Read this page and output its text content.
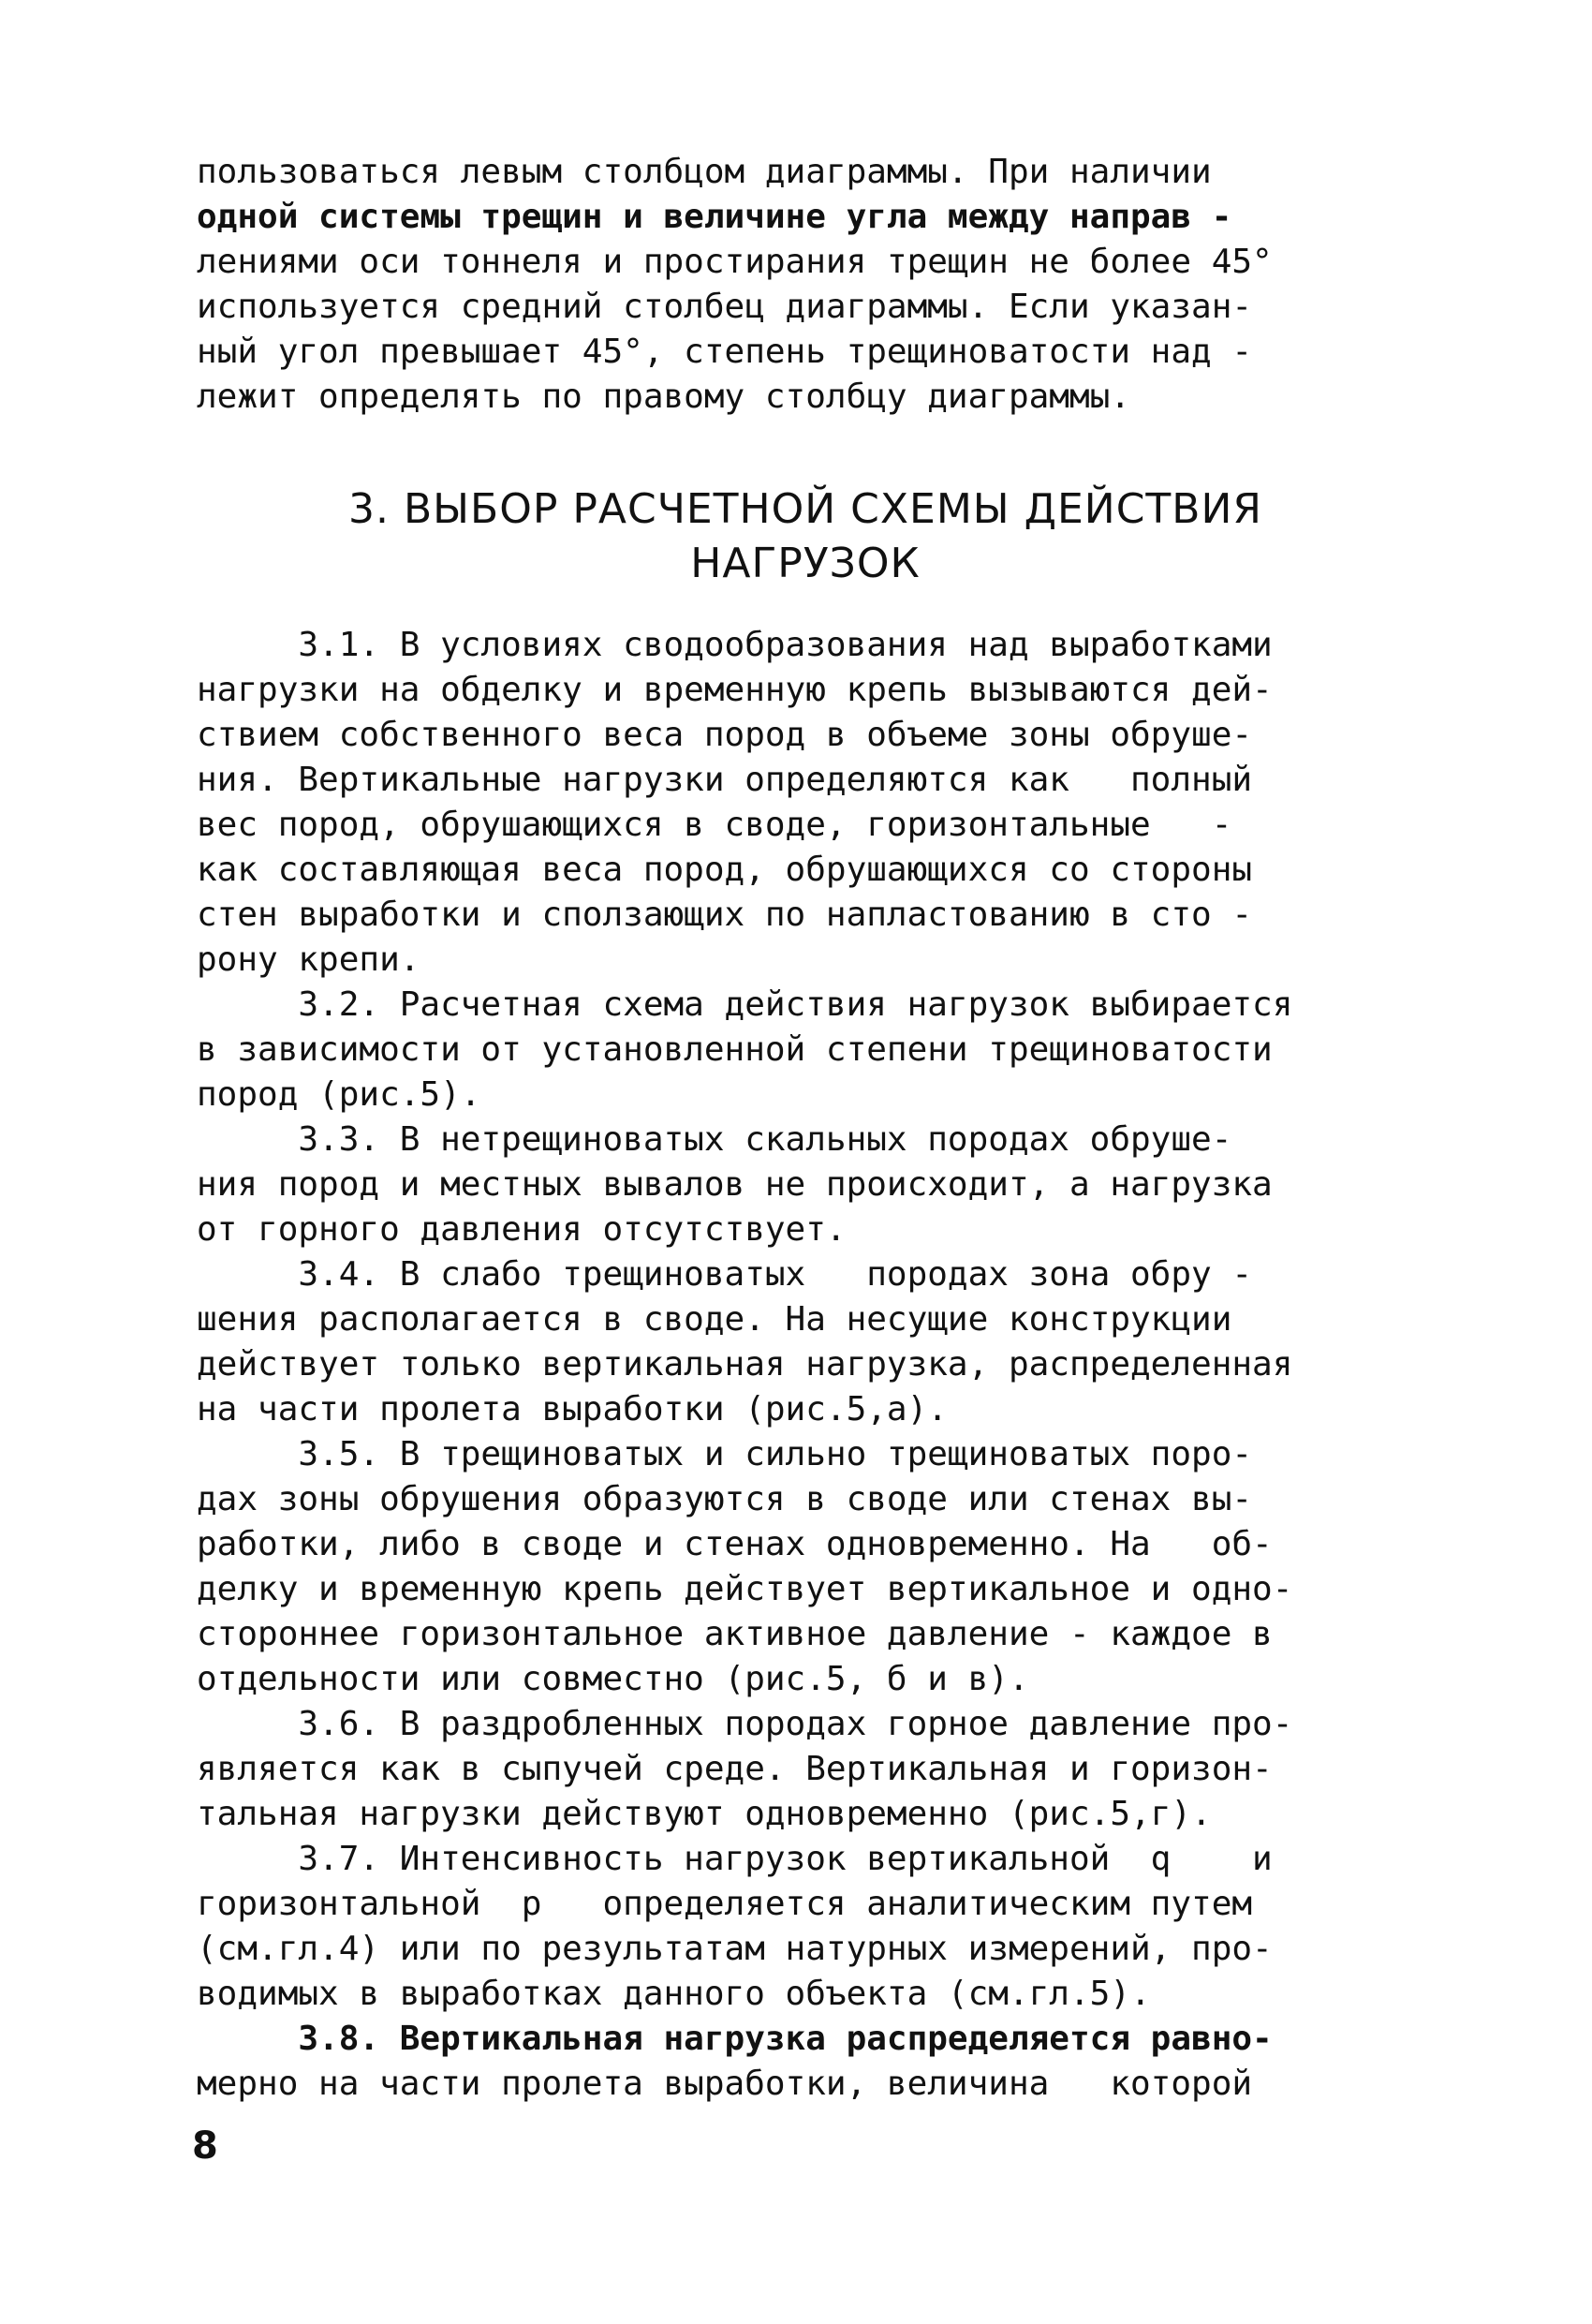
пользоваться левым столбцом диаграммы. При наличии
одной системы трещин и величине угла между направ -
лениями оси тоннеля и простирания трещин не более 45°
используется средний столбец диаграммы. Если указан-
ный угол превышает 45°, степень трещиноватости над -
лежит определять по правому столбцу диаграммы.
3. ВЫБОР РАСЧЕТНОЙ СХЕМЫ ДЕЙСТВИЯ
НАГРУЗОК
3.1. В условиях сводообразования над выработками
нагрузки на обделку и временную крепь вызываются дей-
ствием собственного веса пород в объеме зоны обруше-
ния. Вертикальные нагрузки определяются как   полный
вес пород, обрушающихся в своде, горизонтальные   -
как составляющая веса пород, обрушающихся со стороны
стен выработки и сползающих по напластованию в сто -
рону крепи.
3.2. Расчетная схема действия нагрузок выбирается
в зависимости от установленной степени трещиноватости
пород (рис.5).
3.3. В нетрещиноватых скальных породах обруше-
ния пород и местных вывалов не происходит, а нагрузка
от горного давления отсутствует.
3.4. В слабо трещиноватых   породах зона обру -
шения располагается в своде. На несущие конструкции
действует только вертикальная нагрузка, распределенная
на части пролета выработки (рис.5,а).
3.5. В трещиноватых и сильно трещиноватых поро-
дах зоны обрушения образуются в своде или стенах вы-
работки, либо в своде и стенах одновременно. На   об-
делку и временную крепь действует вертикальное и одно-
стороннее горизонтальное активное давление - каждое в
отдельности или совместно (рис.5, б и в).
3.6. В раздробленных породах горное давление про-
является как в сыпучей среде. Вертикальная и горизон-
тальная нагрузки действуют одновременно (рис.5,г).
3.7. Интенсивность нагрузок вертикальной  q    и
горизонтальной  p   определяется аналитическим путем
(см.гл.4) или по результатам натурных измерений, про-
водимых в выработках данного объекта (см.гл.5).
3.8. Вертикальная нагрузка распределяется равно-
мерно на части пролета выработки, величина   которой
8
